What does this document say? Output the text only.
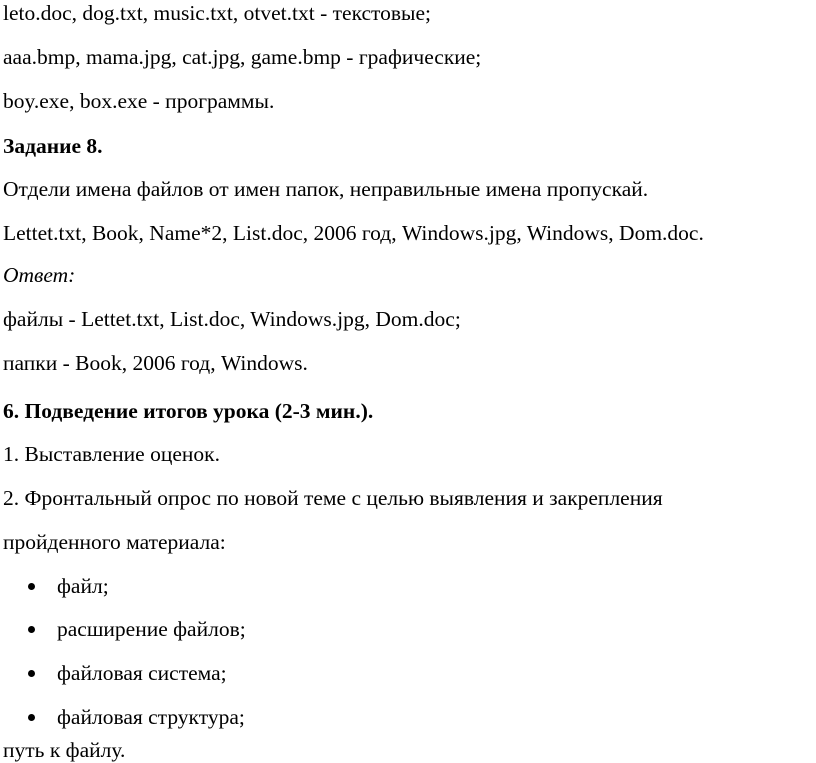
leto.doc, dog.txt, music.txt, otvet.txt - текстовые;
aaa.bmp, mama.jpg, cat.jpg, game.bmp - графические;
boy.exe, box.exe - программы.
Задание 8.
Отдели имена файлов от имен папок, неправильные имена пропускай.
Lettet.txt, Book, Name*2, List.doc, 2006 год, Windows.jpg, Windows, Dom.doc.
Ответ:
файлы - Lettet.txt, List.doc, Windows.jpg, Dom.doc;
папки - Book, 2006 год, Windows.
6. Подведение итогов урока (2-3 мин.).
1. Выставление оценок.
2. Фронтальный опрос по новой теме с целью выявления и закрепления
пройденного материала:
файл;
расширение файлов;
файловая система;
файловая структура;
путь к файлу.
